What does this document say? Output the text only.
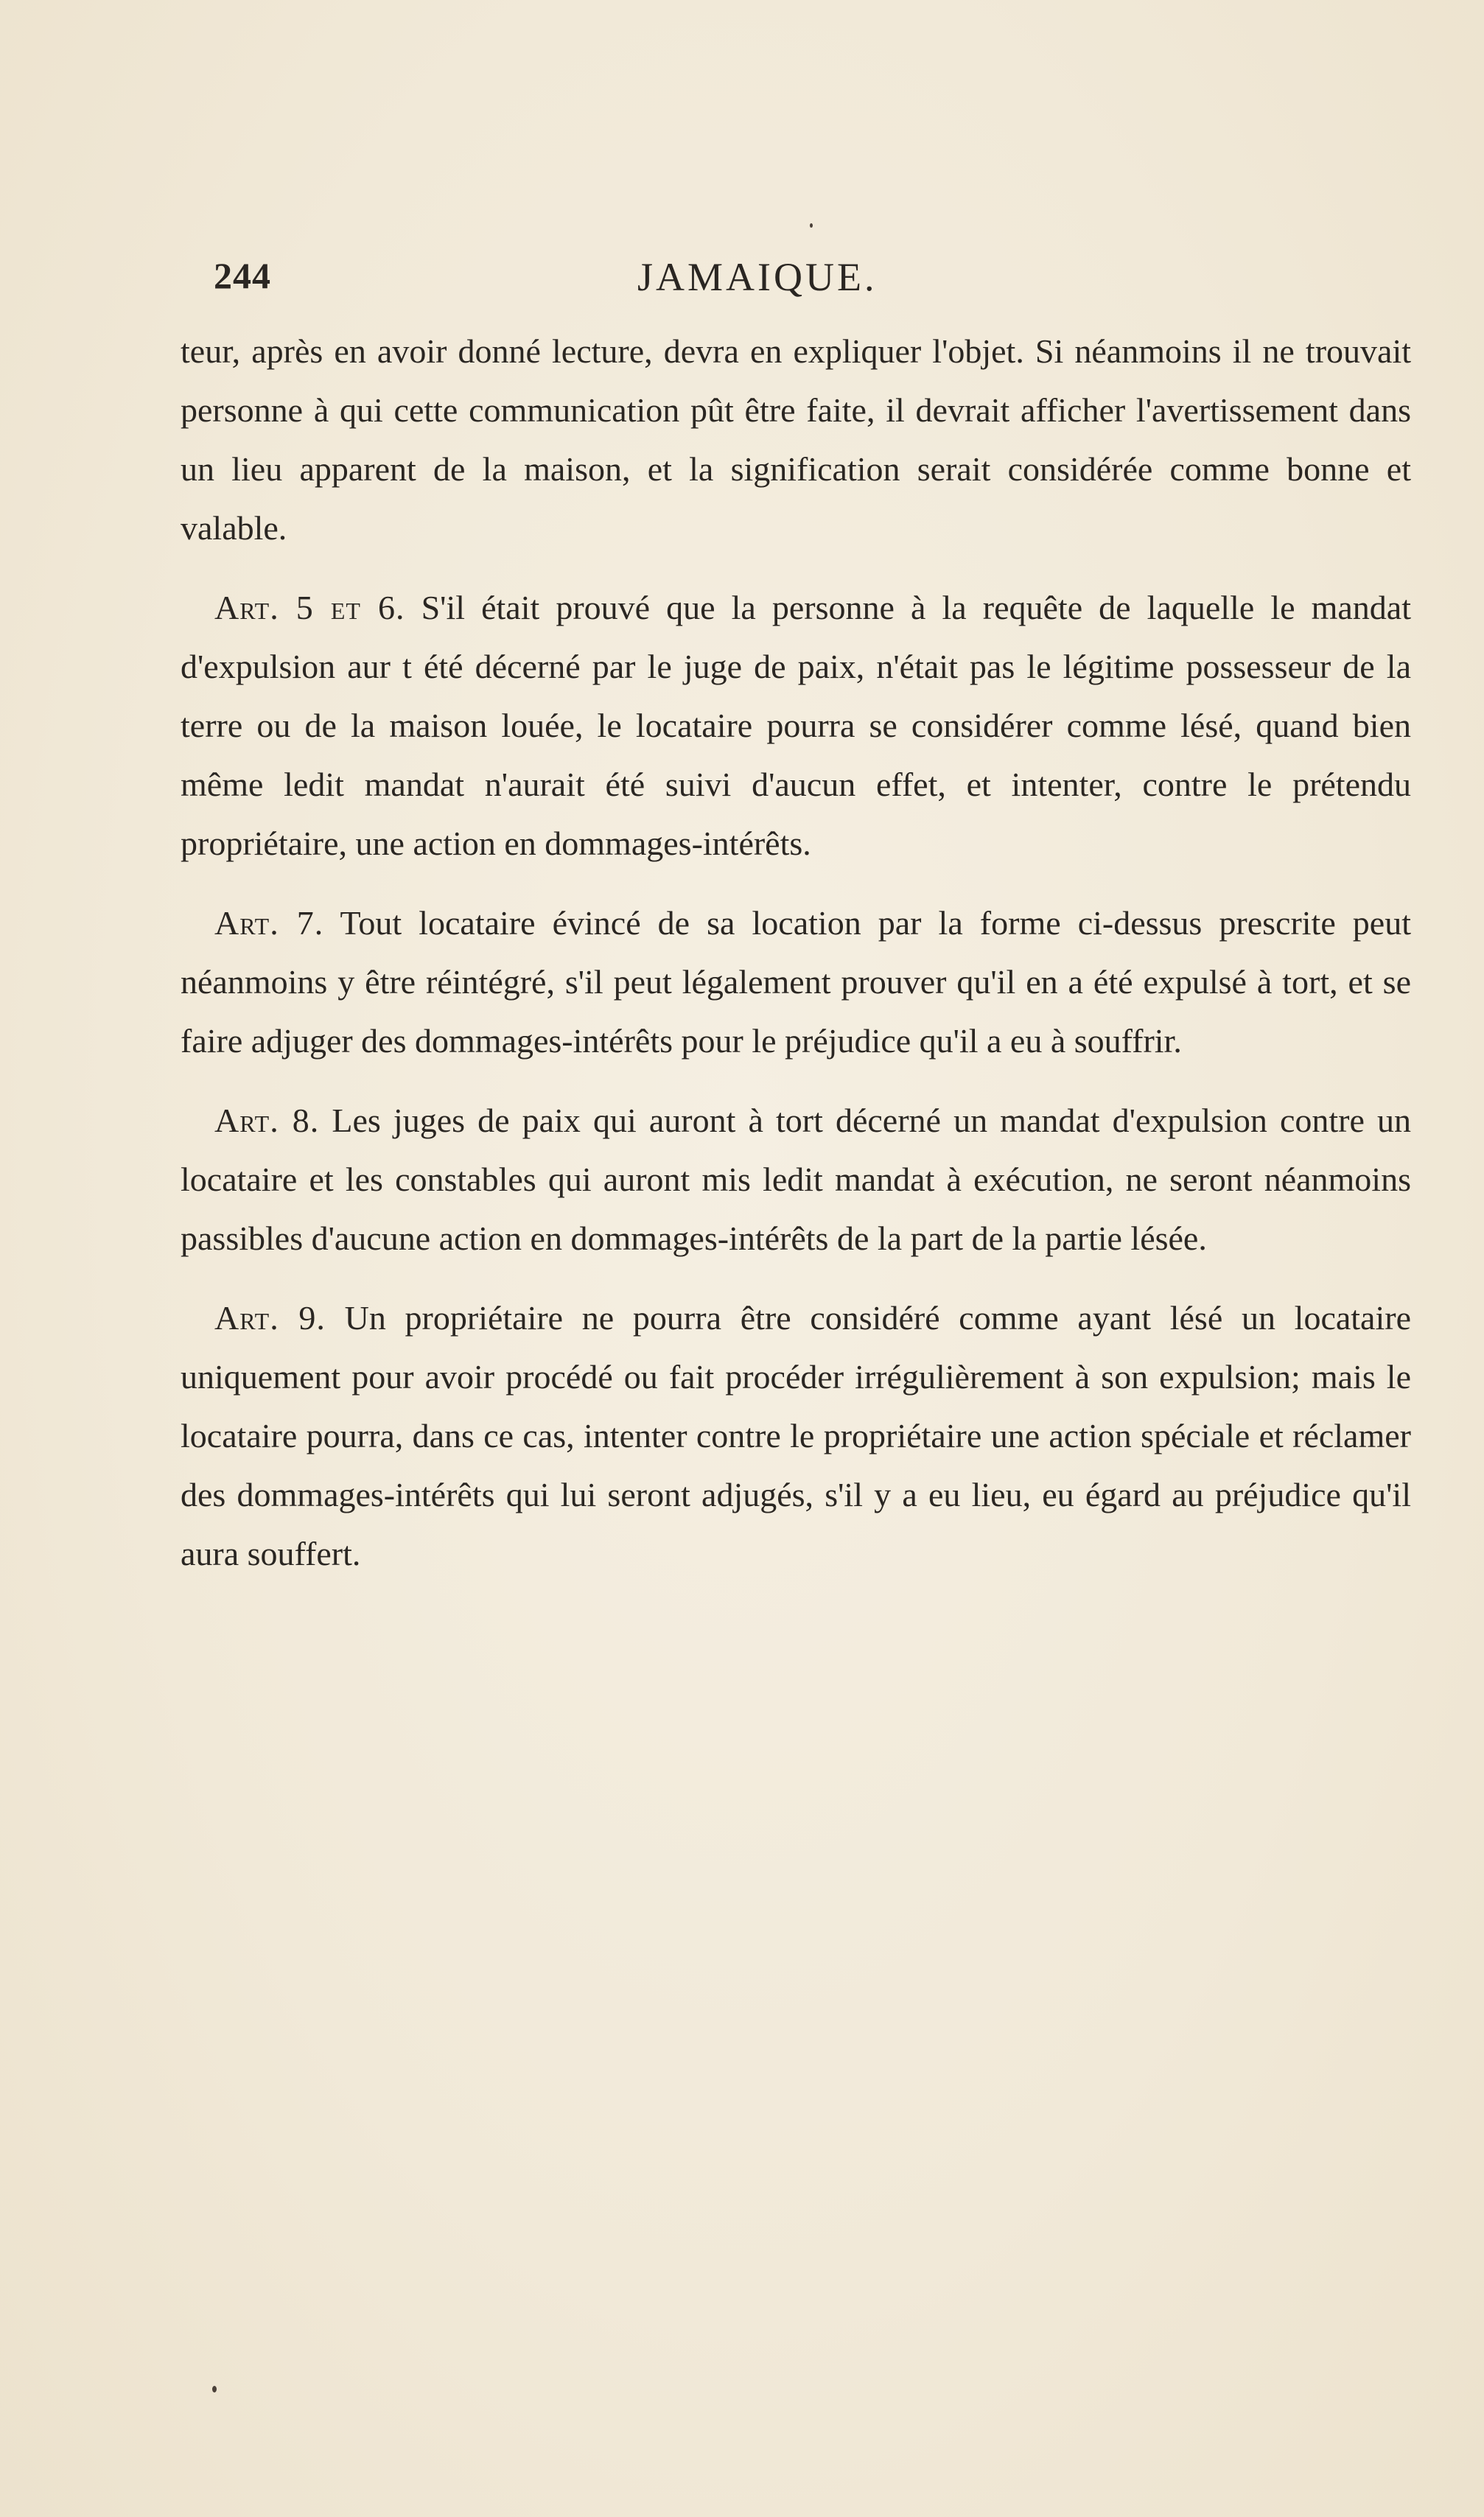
244	JAMAIQUE.

teur, après en avoir donné lecture, devra en expliquer l'objet. Si néanmoins il ne trouvait personne à qui cette communication pût être faite, il devrait afficher l'avertissement dans un lieu apparent de la maison, et la signification serait considérée comme bonne et valable.

Art. 5 et 6. S'il était prouvé que la personne à la requête de laquelle le mandat d'expulsion aur t été décerné par le juge de paix, n'était pas le légitime possesseur de la terre ou de la maison louée, le locataire pourra se considérer comme lésé, quand bien même ledit mandat n'aurait été suivi d'aucun effet, et intenter, contre le prétendu propriétaire, une action en dommages-intérêts.

Art. 7. Tout locataire évincé de sa location par la forme ci-dessus prescrite peut néanmoins y être réintégré, s'il peut légalement prouver qu'il en a été expulsé à tort, et se faire adjuger des dommages-intérêts pour le préjudice qu'il a eu à souffrir.

Art. 8. Les juges de paix qui auront à tort décerné un mandat d'expulsion contre un locataire et les constables qui auront mis ledit mandat à exécution, ne seront néanmoins passibles d'aucune action en dommages-intérêts de la part de la partie lésée.

Art. 9. Un propriétaire ne pourra être considéré comme ayant lésé un locataire uniquement pour avoir procédé ou fait procéder irrégulièrement à son expulsion; mais le locataire pourra, dans ce cas, intenter contre le propriétaire une action spéciale et réclamer des dommages-intérêts qui lui seront adjugés, s'il y a eu lieu, eu égard au préjudice qu'il aura souffert.
